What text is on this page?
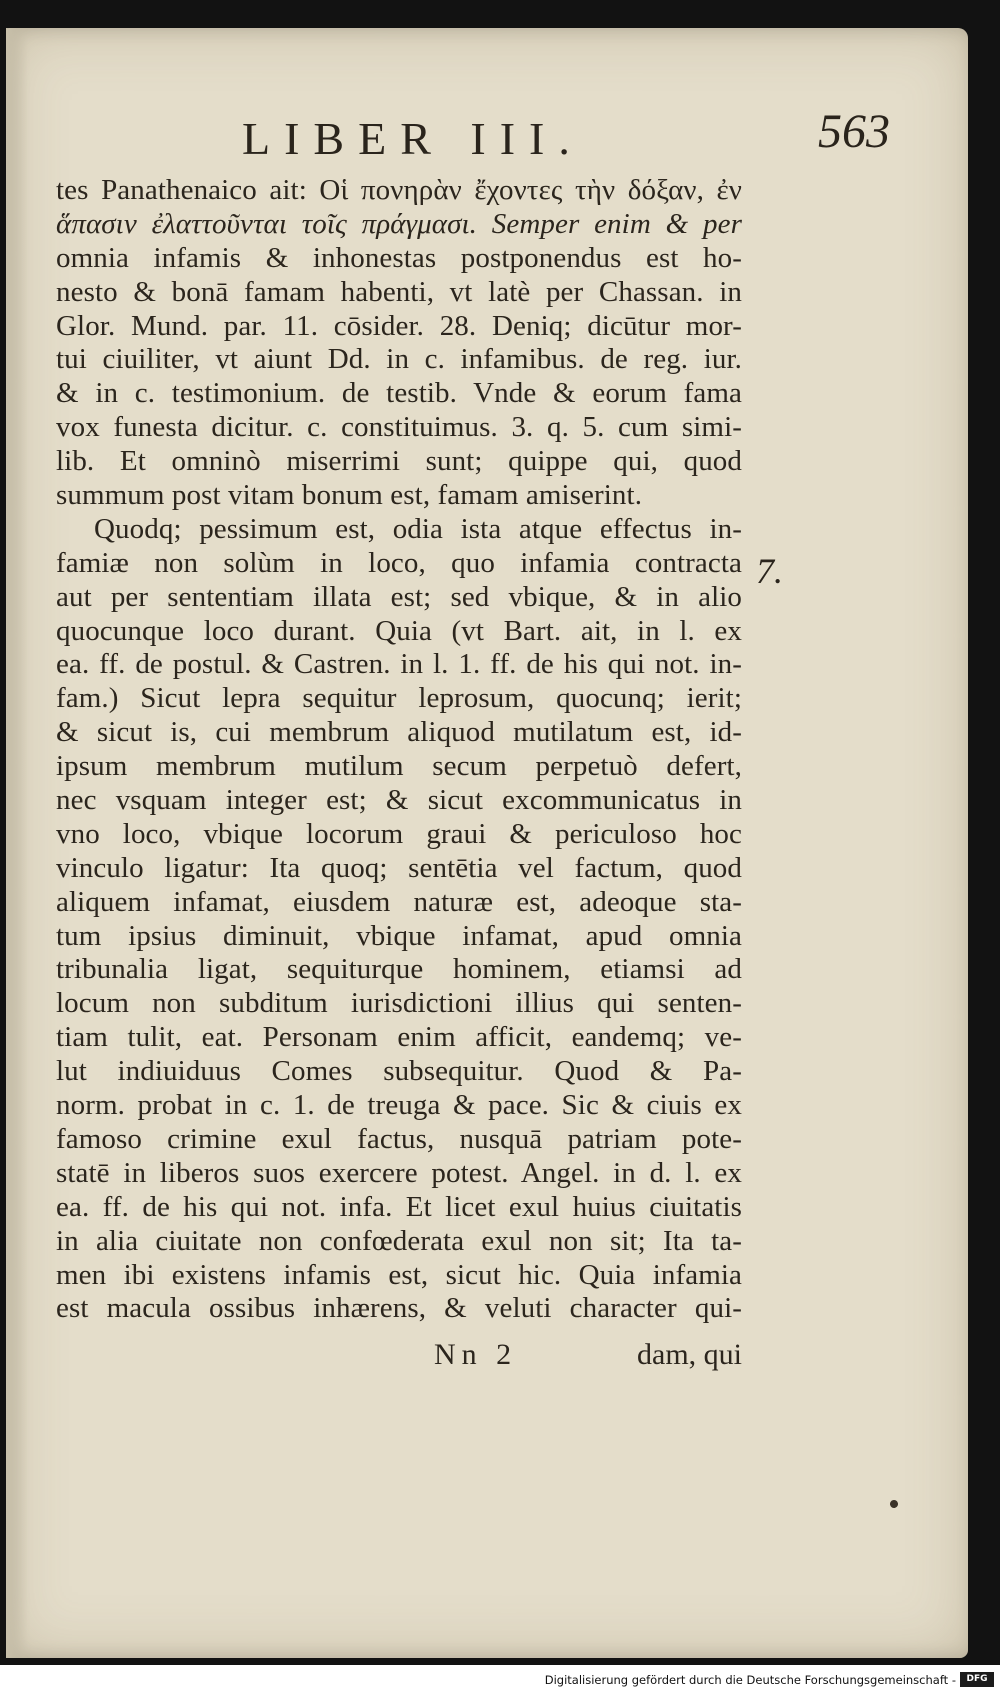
LIBER III.	563
tes Panathenaico ait: Οἱ πονηρὰν ἔχοντες τὴν δόξαν, ἐν
ἅπασιν ἐλαττοῦνται τοῖς πράγμασι. Semper enim & per
omnia infamis & inhonestas postponendus est ho-
nesto & bonā famam habenti, vt latè per Chassan. in
Glor. Mund. par. 11. cōsider. 28. Deniq; dicūtur mor-
tui ciuiliter, vt aiunt Dd. in c. infamibus. de reg. iur.
& in c. testimonium. de testib. Vnde & eorum fama
vox funesta dicitur. c. constituimus. 3. q. 5. cum simi-
lib. Et omninò miserrimi sunt; quippe qui, quod
summum post vitam bonum est, famam amiserint.
Quodq; pessimum est, odia ista atque effectus in-
famiæ non solùm in loco, quo infamia contracta
aut per sententiam illata est; sed vbique, & in alio
quocunque loco durant. Quia (vt Bart. ait, in l. ex
ea. ff. de postul. & Castren. in l. 1. ff. de his qui not. in-
fam.) Sicut lepra sequitur leprosum, quocunq; ierit;
& sicut is, cui membrum aliquod mutilatum est, id-
ipsum membrum mutilum secum perpetuò defert,
nec vsquam integer est; & sicut excommunicatus in
vno loco, vbique locorum graui & periculoso hoc
vinculo ligatur: Ita quoq; sentētia vel factum, quod
aliquem infamat, eiusdem naturæ est, adeoque sta-
tum ipsius diminuit, vbique infamat, apud omnia
tribunalia ligat, sequiturque hominem, etiamsi ad
locum non subditum iurisdictioni illius qui senten-
tiam tulit, eat. Personam enim afficit, eandemq; ve-
lut indiuiduus Comes subsequitur. Quod & Pa-
norm. probat in c. 1. de treuga & pace. Sic & ciuis ex
famoso crimine exul factus, nusquā patriam pote-
statē in liberos suos exercere potest. Angel. in d. l. ex
ea. ff. de his qui not. infa. Et licet exul huius ciuitatis
in alia ciuitate non confœderata exul non sit; Ita ta-
men ibi existens infamis est, sicut hic. Quia infamia
est macula ossibus inhærens, & veluti character qui-
7.
Nn 2	dam, qui
Digitalisierung gefördert durch die Deutsche Forschungsgemeinschaft -	DFG
